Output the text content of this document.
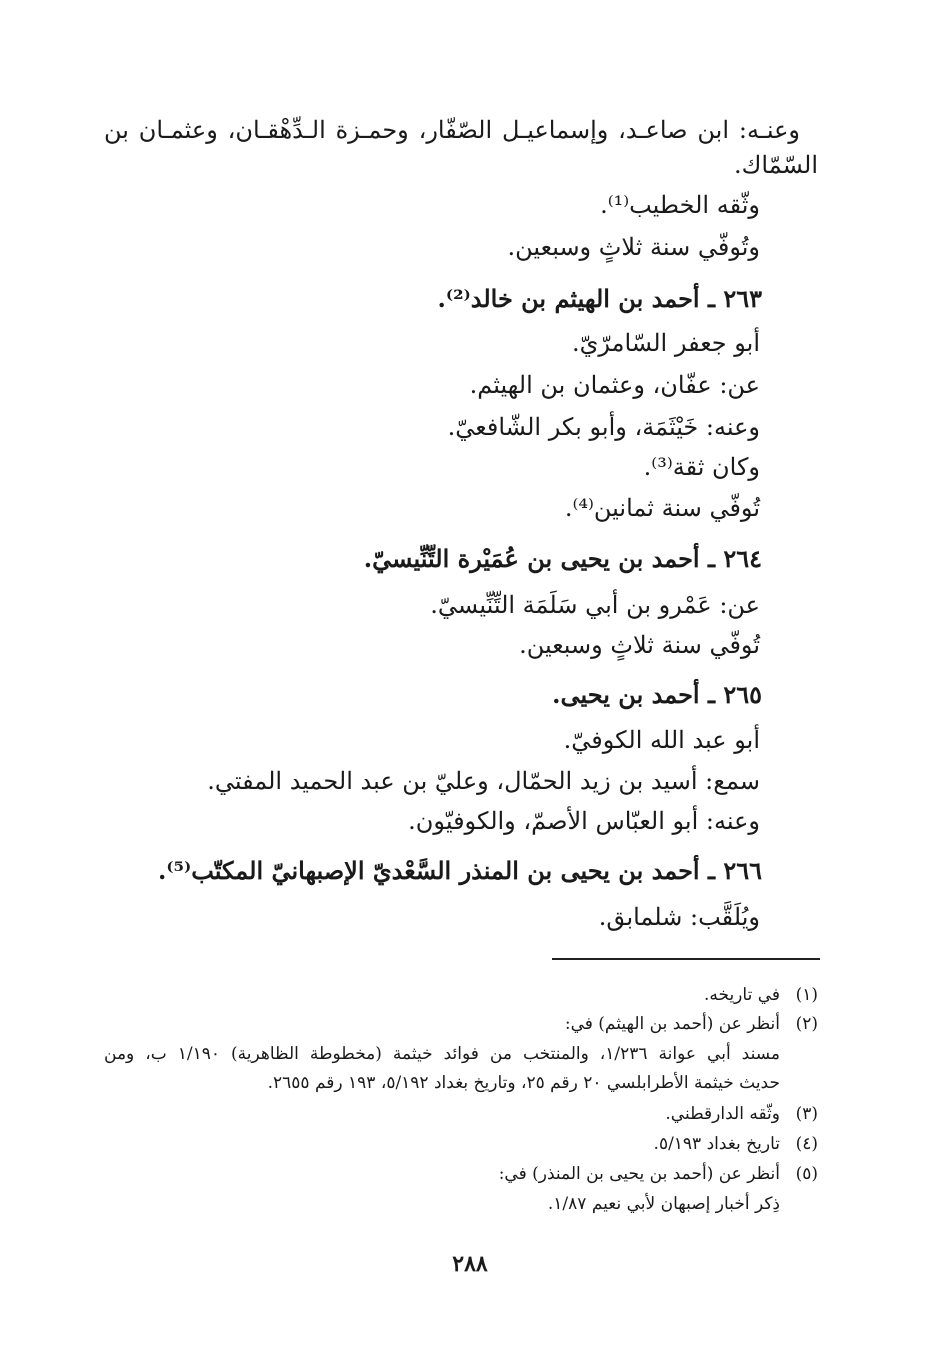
وعنـه: ابن صاعـد، وإسماعيـل الصّفّار، وحمـزة الـدِّهْقـان، وعثمـان بن
السّمّاك.
وثّقه الخطيب⁽¹⁾.
وتُوفّي سنة ثلاثٍ وسبعين.
٢٦٣ ـ أحمد بن الهيثم بن خالد⁽²⁾.
أبو جعفر السّامرّيّ.
عن: عفّان، وعثمان بن الهيثم.
وعنه: خَيْثَمَة، وأبو بكر الشّافعيّ.
وكان ثقة⁽³⁾.
تُوفّي سنة ثمانين⁽⁴⁾.
٢٦٤ ـ أحمد بن يحيى بن عُمَيْرة التِّنِّيسيّ.
عن: عَمْرو بن أبي سَلَمَة التِّنِّيسيّ.
تُوفّي سنة ثلاثٍ وسبعين.
٢٦٥ ـ أحمد بن يحيى.
أبو عبد الله الكوفيّ.
سمع: أسيد بن زيد الحمّال، وعليّ بن عبد الحميد المفتي.
وعنه: أبو العبّاس الأصمّ، والكوفيّون.
٢٦٦ ـ أحمد بن يحيى بن المنذر السَّعْديّ الإصبهانيّ المكتّب⁽⁵⁾.
ويُلَقَّب: شلمابق.
(١)
في تاريخه.
(٢)
أنظر عن (أحمد بن الهيثم) في:
مسند أبي عوانة ١/٢٣٦، والمنتخب من فوائد خيثمة (مخطوطة الظاهرية) ١/١٩٠ ب، ومن
حديث خيثمة الأطرابلسي ٢٠ رقم ٢٥، وتاريخ بغداد ٥/١٩٢، ١٩٣ رقم ٢٦٥٥.
(٣)
وثّقه الدارقطني.
(٤)
تاريخ بغداد ٥/١٩٣.
(٥)
أنظر عن (أحمد بن يحيى بن المنذر) في:
ذِكر أخبار إصبهان لأبي نعيم ١/٨٧.
٢٨٨
